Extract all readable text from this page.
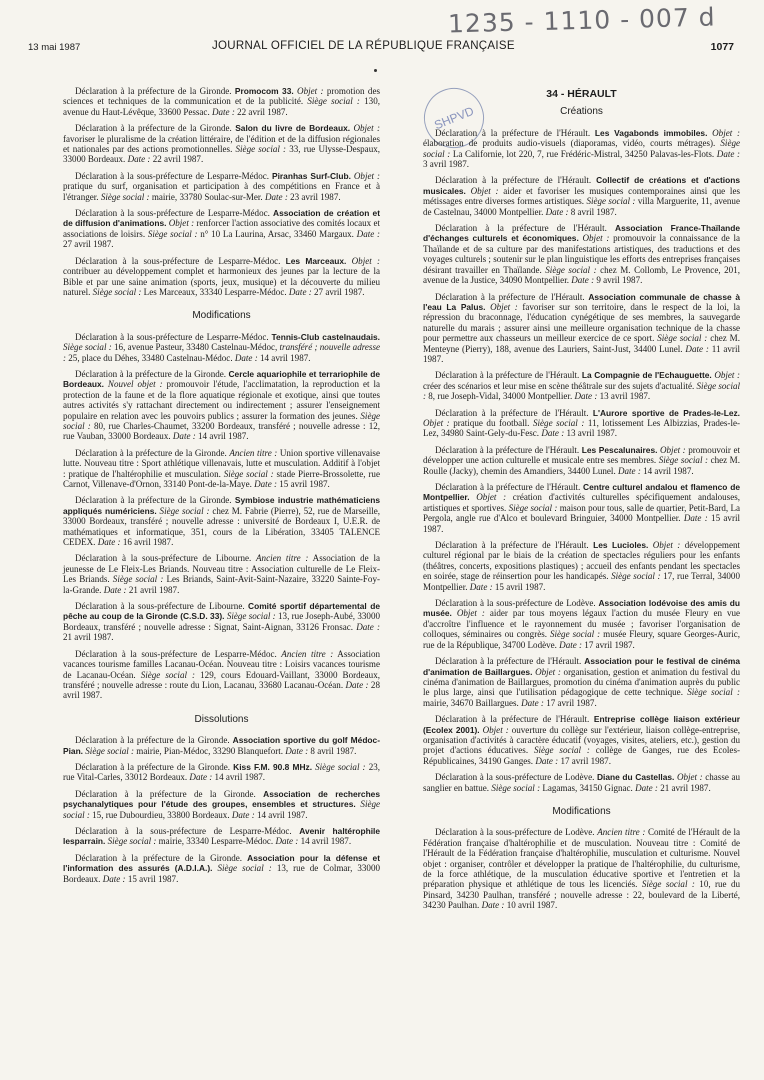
1235 - 1110 - 007 d
13 mai 1987	JOURNAL OFFICIEL DE LA RÉPUBLIQUE FRANÇAISE	1077
SHPVD

Déclaration à la préfecture de la Gironde. Promocom 33. Objet : promotion des sciences et techniques de la communication et de la publicité. Siège social : 130, avenue du Haut-Lévêque, 33600 Pessac. Date : 22 avril 1987.

Déclaration à la préfecture de la Gironde. Salon du livre de Bordeaux. Objet : favoriser le pluralisme de la création littéraire, de l'édition et de la diffusion régionales et nationales par des actions promotionnelles. Siège social : 33, rue Ulysse-Despaux, 33000 Bordeaux. Date : 22 avril 1987.

Déclaration à la sous-préfecture de Lesparre-Médoc. Piranhas Surf-Club. Objet : pratique du surf, organisation et participation à des compétitions en France et à l'étranger. Siège social : mairie, 33780 Soulac-sur-Mer. Date : 23 avril 1987.

Déclaration à la sous-préfecture de Lesparre-Médoc. Association de création et de diffusion d'animations. Objet : renforcer l'action associative des comités locaux et associations de loisirs. Siège social : n° 10 La Laurina, Arsac, 33460 Margaux. Date : 27 avril 1987.

Déclaration à la sous-préfecture de Lesparre-Médoc. Les Marceaux. Objet : contribuer au développement complet et harmonieux des jeunes par la lecture de la Bible et par une saine animation (sports, jeux, musique) et la découverte du milieu naturel. Siège social : Les Marceaux, 33340 Lesparre-Médoc. Date : 27 avril 1987.

Modifications

Déclaration à la sous-préfecture de Lesparre-Médoc. Tennis-Club castelnaudais. Siège social : 16, avenue Pasteur, 33480 Castelnau-Médoc, transféré ; nouvelle adresse : 25, place du Déhes, 33480 Castelnau-Médoc. Date : 14 avril 1987.

Déclaration à la préfecture de la Gironde. Cercle aquariophile et terrariophile de Bordeaux. Nouvel objet : promouvoir l'étude, l'acclimatation, la reproduction et la protection de la faune et de la flore aquatique régionale et exotique, ainsi que toutes autres activités s'y rattachant directement ou indirectement ; assurer l'enseignement populaire en relation avec les pouvoirs publics ; assurer la formation des jeunes. Siège social : 80, rue Charles-Chaumet, 33200 Bordeaux, transféré ; nouvelle adresse : 12, rue Vauban, 33000 Bordeaux. Date : 14 avril 1987.

Déclaration à la préfecture de la Gironde. Ancien titre : Union sportive villenavaise lutte. Nouveau titre : Sport athlétique villenavais, lutte et musculation. Additif à l'objet : pratique de l'haltérophilie et musculation. Siège social : stade Pierre-Brossolette, rue Carnot, Villenave-d'Ornon, 33140 Pont-de-la-Maye. Date : 15 avril 1987.

Déclaration à la préfecture de la Gironde. Symbiose industrie mathématiciens appliqués numériciens. Siège social : chez M. Fabrie (Pierre), 52, rue de Marseille, 33000 Bordeaux, transféré ; nouvelle adresse : université de Bordeaux I, U.E.R. de mathématiques et informatique, 351, cours de la Libération, 33405 TALENCE CEDEX. Date : 16 avril 1987.

Déclaration à la sous-préfecture de Libourne. Ancien titre : Association de la jeunesse de Le Fleix-Les Briands. Nouveau titre : Association culturelle de Le Fleix-Les Briands. Siège social : Les Briands, Saint-Avit-Saint-Nazaire, 33220 Sainte-Foy-la-Grande. Date : 21 avril 1987.

Déclaration à la sous-préfecture de Libourne. Comité sportif départemental de pêche au coup de la Gironde (C.S.D. 33). Siège social : 13, rue Joseph-Aubé, 33000 Bordeaux, transféré ; nouvelle adresse : Signat, Saint-Aignan, 33126 Fronsac. Date : 21 avril 1987.

Déclaration à la sous-préfecture de Lesparre-Médoc. Ancien titre : Association vacances tourisme familles Lacanau-Océan. Nouveau titre : Loisirs vacances tourisme de Lacanau-Océan. Siège social : 129, cours Edouard-Vaillant, 33000 Bordeaux, transféré ; nouvelle adresse : route du Lion, Lacanau, 33680 Lacanau-Océan. Date : 28 avril 1987.

Dissolutions

Déclaration à la préfecture de la Gironde. Association sportive du golf Médoc-Pian. Siège social : mairie, Pian-Médoc, 33290 Blanquefort. Date : 8 avril 1987.

Déclaration à la préfecture de la Gironde. Kiss F.M. 90.8 MHz. Siège social : 23, rue Vital-Carles, 33012 Bordeaux. Date : 14 avril 1987.

Déclaration à la préfecture de la Gironde. Association de recherches psychanalytiques pour l'étude des groupes, ensembles et structures. Siège social : 15, rue Dubourdieu, 33800 Bordeaux. Date : 14 avril 1987.

Déclaration à la sous-préfecture de Lesparre-Médoc. Avenir haltérophile lesparrain. Siège social : mairie, 33340 Lesparre-Médoc. Date : 14 avril 1987.

Déclaration à la préfecture de la Gironde. Association pour la défense et l'information des assurés (A.D.I.A.). Siège social : 13, rue de Colmar, 33000 Bordeaux. Date : 15 avril 1987.

34 - HÉRAULT
Créations

Déclaration à la préfecture de l'Hérault. Les Vagabonds immobiles. Objet : élaboration de produits audio-visuels (diaporamas, vidéo, courts métrages). Siège social : La Californie, lot 220, 7, rue Frédéric-Mistral, 34250 Palavas-les-Flots. Date : 3 avril 1987.

Déclaration à la préfecture de l'Hérault. Collectif de créations et d'actions musicales. Objet : aider et favoriser les musiques contemporaines ainsi que les métissages entre diverses formes artistiques. Siège social : villa Marguerite, 11, avenue de Castelnau, 34000 Montpellier. Date : 8 avril 1987.

Déclaration à la préfecture de l'Hérault. Association France-Thaïlande d'échanges culturels et économiques. Objet : promouvoir la connaissance de la Thaïlande et de sa culture par des manifestations artistiques, des traductions et des voyages culturels ; soutenir sur le plan linguistique les efforts des entreprises françaises désirant travailler en Thaïlande. Siège social : chez M. Collomb, Le Provence, 201, avenue de la Justice, 34090 Montpellier. Date : 9 avril 1987.

Déclaration à la préfecture de l'Hérault. Association communale de chasse à l'eau La Palus. Objet : favoriser sur son territoire, dans le respect de la loi, la répression du braconnage, l'éducation cynégétique de ses membres, la sauvegarde naturelle du marais ; assurer ainsi une meilleure organisation technique de la chasse pour permettre aux chasseurs un meilleur exercice de ce sport. Siège social : chez M. Menteyne (Pierry), 188, avenue des Lauriers, Saint-Just, 34400 Lunel. Date : 11 avril 1987.

Déclaration à la préfecture de l'Hérault. La Compagnie de l'Echauguette. Objet : créer des scénarios et leur mise en scène théâtrale sur des sujets d'actualité. Siège social : 8, rue Joseph-Vidal, 34000 Montpellier. Date : 13 avril 1987.

Déclaration à la préfecture de l'Hérault. L'Aurore sportive de Prades-le-Lez. Objet : pratique du football. Siège social : 11, lotissement Les Albizzias, Prades-le-Lez, 34980 Saint-Gely-du-Fesc. Date : 13 avril 1987.

Déclaration à la préfecture de l'Hérault. Les Pescalunaires. Objet : promouvoir et développer une action culturelle et musicale entre ses membres. Siège social : chez M. Roulle (Jacky), chemin des Amandiers, 34400 Lunel. Date : 14 avril 1987.

Déclaration à la préfecture de l'Hérault. Centre culturel andalou et flamenco de Montpellier. Objet : création d'activités culturelles spécifiquement andalouses, artistiques et sportives. Siège social : maison pour tous, salle de quartier, Petit-Bard, La Pergola, angle rue d'Alco et boulevard Bringuier, 34000 Montpellier. Date : 15 avril 1987.

Déclaration à la préfecture de l'Hérault. Les Lucioles. Objet : développement culturel régional par le biais de la création de spectacles réguliers pour les enfants (théâtres, concerts, expositions plastiques) ; accueil des enfants pendant les spectacles en soirée, stage de réinsertion pour les handicapés. Siège social : 17, rue Terral, 34000 Montpellier. Date : 15 avril 1987.

Déclaration à la sous-préfecture de Lodève. Association lodévoise des amis du musée. Objet : aider par tous moyens légaux l'action du musée Fleury en vue d'accroître l'influence et le rayonnement du musée ; favoriser l'organisation de colloques, séminaires ou congrès. Siège social : musée Fleury, square Georges-Auric, rue de la République, 34700 Lodève. Date : 17 avril 1987.

Déclaration à la préfecture de l'Hérault. Association pour le festival de cinéma d'animation de Baillargues. Objet : organisation, gestion et animation du festival du cinéma d'animation de Baillargues, promotion du cinéma d'animation auprès du public le plus large, ainsi que l'utilisation pédagogique de cette technique. Siège social : mairie, 34670 Baillargues. Date : 17 avril 1987.

Déclaration à la préfecture de l'Hérault. Entreprise collège liaison extérieur (Ecolex 2001). Objet : ouverture du collège sur l'extérieur, liaison collège-entreprise, organisation d'activités à caractère éducatif (voyages, visites, ateliers, etc.), gestion du projet d'actions éducatives. Siège social : collège de Ganges, rue des Ecoles-Républicaines, 34190 Ganges. Date : 17 avril 1987.

Déclaration à la sous-préfecture de Lodève. Diane du Castellas. Objet : chasse au sanglier en battue. Siège social : Lagamas, 34150 Gignac. Date : 21 avril 1987.

Modifications

Déclaration à la sous-préfecture de Lodève. Ancien titre : Comité de l'Hérault de la Fédération française d'haltérophilie et de musculation. Nouveau titre : Comité de l'Hérault de la Fédération française d'haltérophilie, musculation et culturisme. Nouvel objet : organiser, contrôler et développer la pratique de l'haltérophilie, du culturisme, de la force athlétique, de la musculation éducative sportive et l'entretien et la préparation physique et athlétique de tous les licenciés. Siège social : 10, rue du Pinsard, 34230 Paulhan, transféré ; nouvelle adresse : 22, boulevard de la Liberté, 34230 Paulhan. Date : 10 avril 1987.
